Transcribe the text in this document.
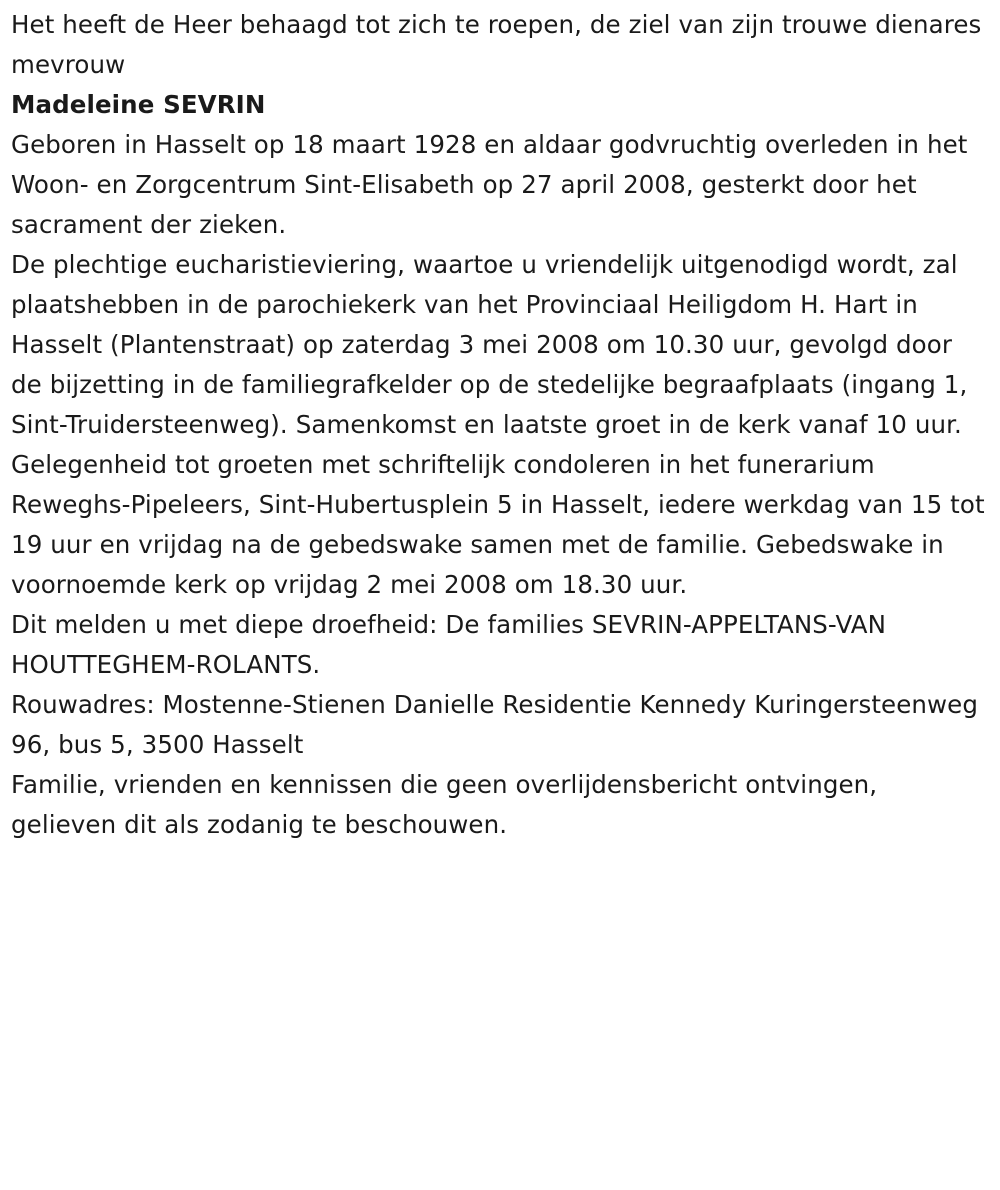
Het heeft de Heer behaagd tot zich te roepen, de ziel van zijn trouwe dienares

mevrouw

Madeleine SEVRIN

Geboren in Hasselt op 18 maart 1928 en aldaar godvruchtig overleden in het Woon- en Zorgcentrum Sint-Elisabeth op 27 april 2008, gesterkt door het sacrament der zieken.

De plechtige eucharistieviering, waartoe u vriendelijk uitgenodigd wordt, zal plaatshebben in de parochiekerk van het Provinciaal Heiligdom H. Hart in Hasselt (Plantenstraat) op zaterdag 3 mei 2008 om 10.30 uur, gevolgd door de bijzetting in de familiegrafkelder op de stedelijke begraafplaats (ingang 1, Sint-Truidersteenweg). Samenkomst en laatste groet in de kerk vanaf 10 uur. Gelegenheid tot groeten met schriftelijk condoleren in het funerarium Reweghs-Pipeleers, Sint-Hubertusplein 5 in Hasselt, iedere werkdag van 15 tot 19 uur en vrijdag na de gebedswake samen met de familie. Gebedswake in voornoemde kerk op vrijdag 2 mei 2008 om 18.30 uur.

Dit melden u met diepe droefheid: De families SEVRIN-APPELTANS-VAN HOUTTEGHEM-ROLANTS.

Rouwadres: Mostenne-Stienen Danielle Residentie Kennedy Kuringersteenweg 96, bus 5, 3500 Hasselt

Familie, vrienden en kennissen die geen overlijdensbericht ontvingen, gelieven dit als zodanig te beschouwen.
